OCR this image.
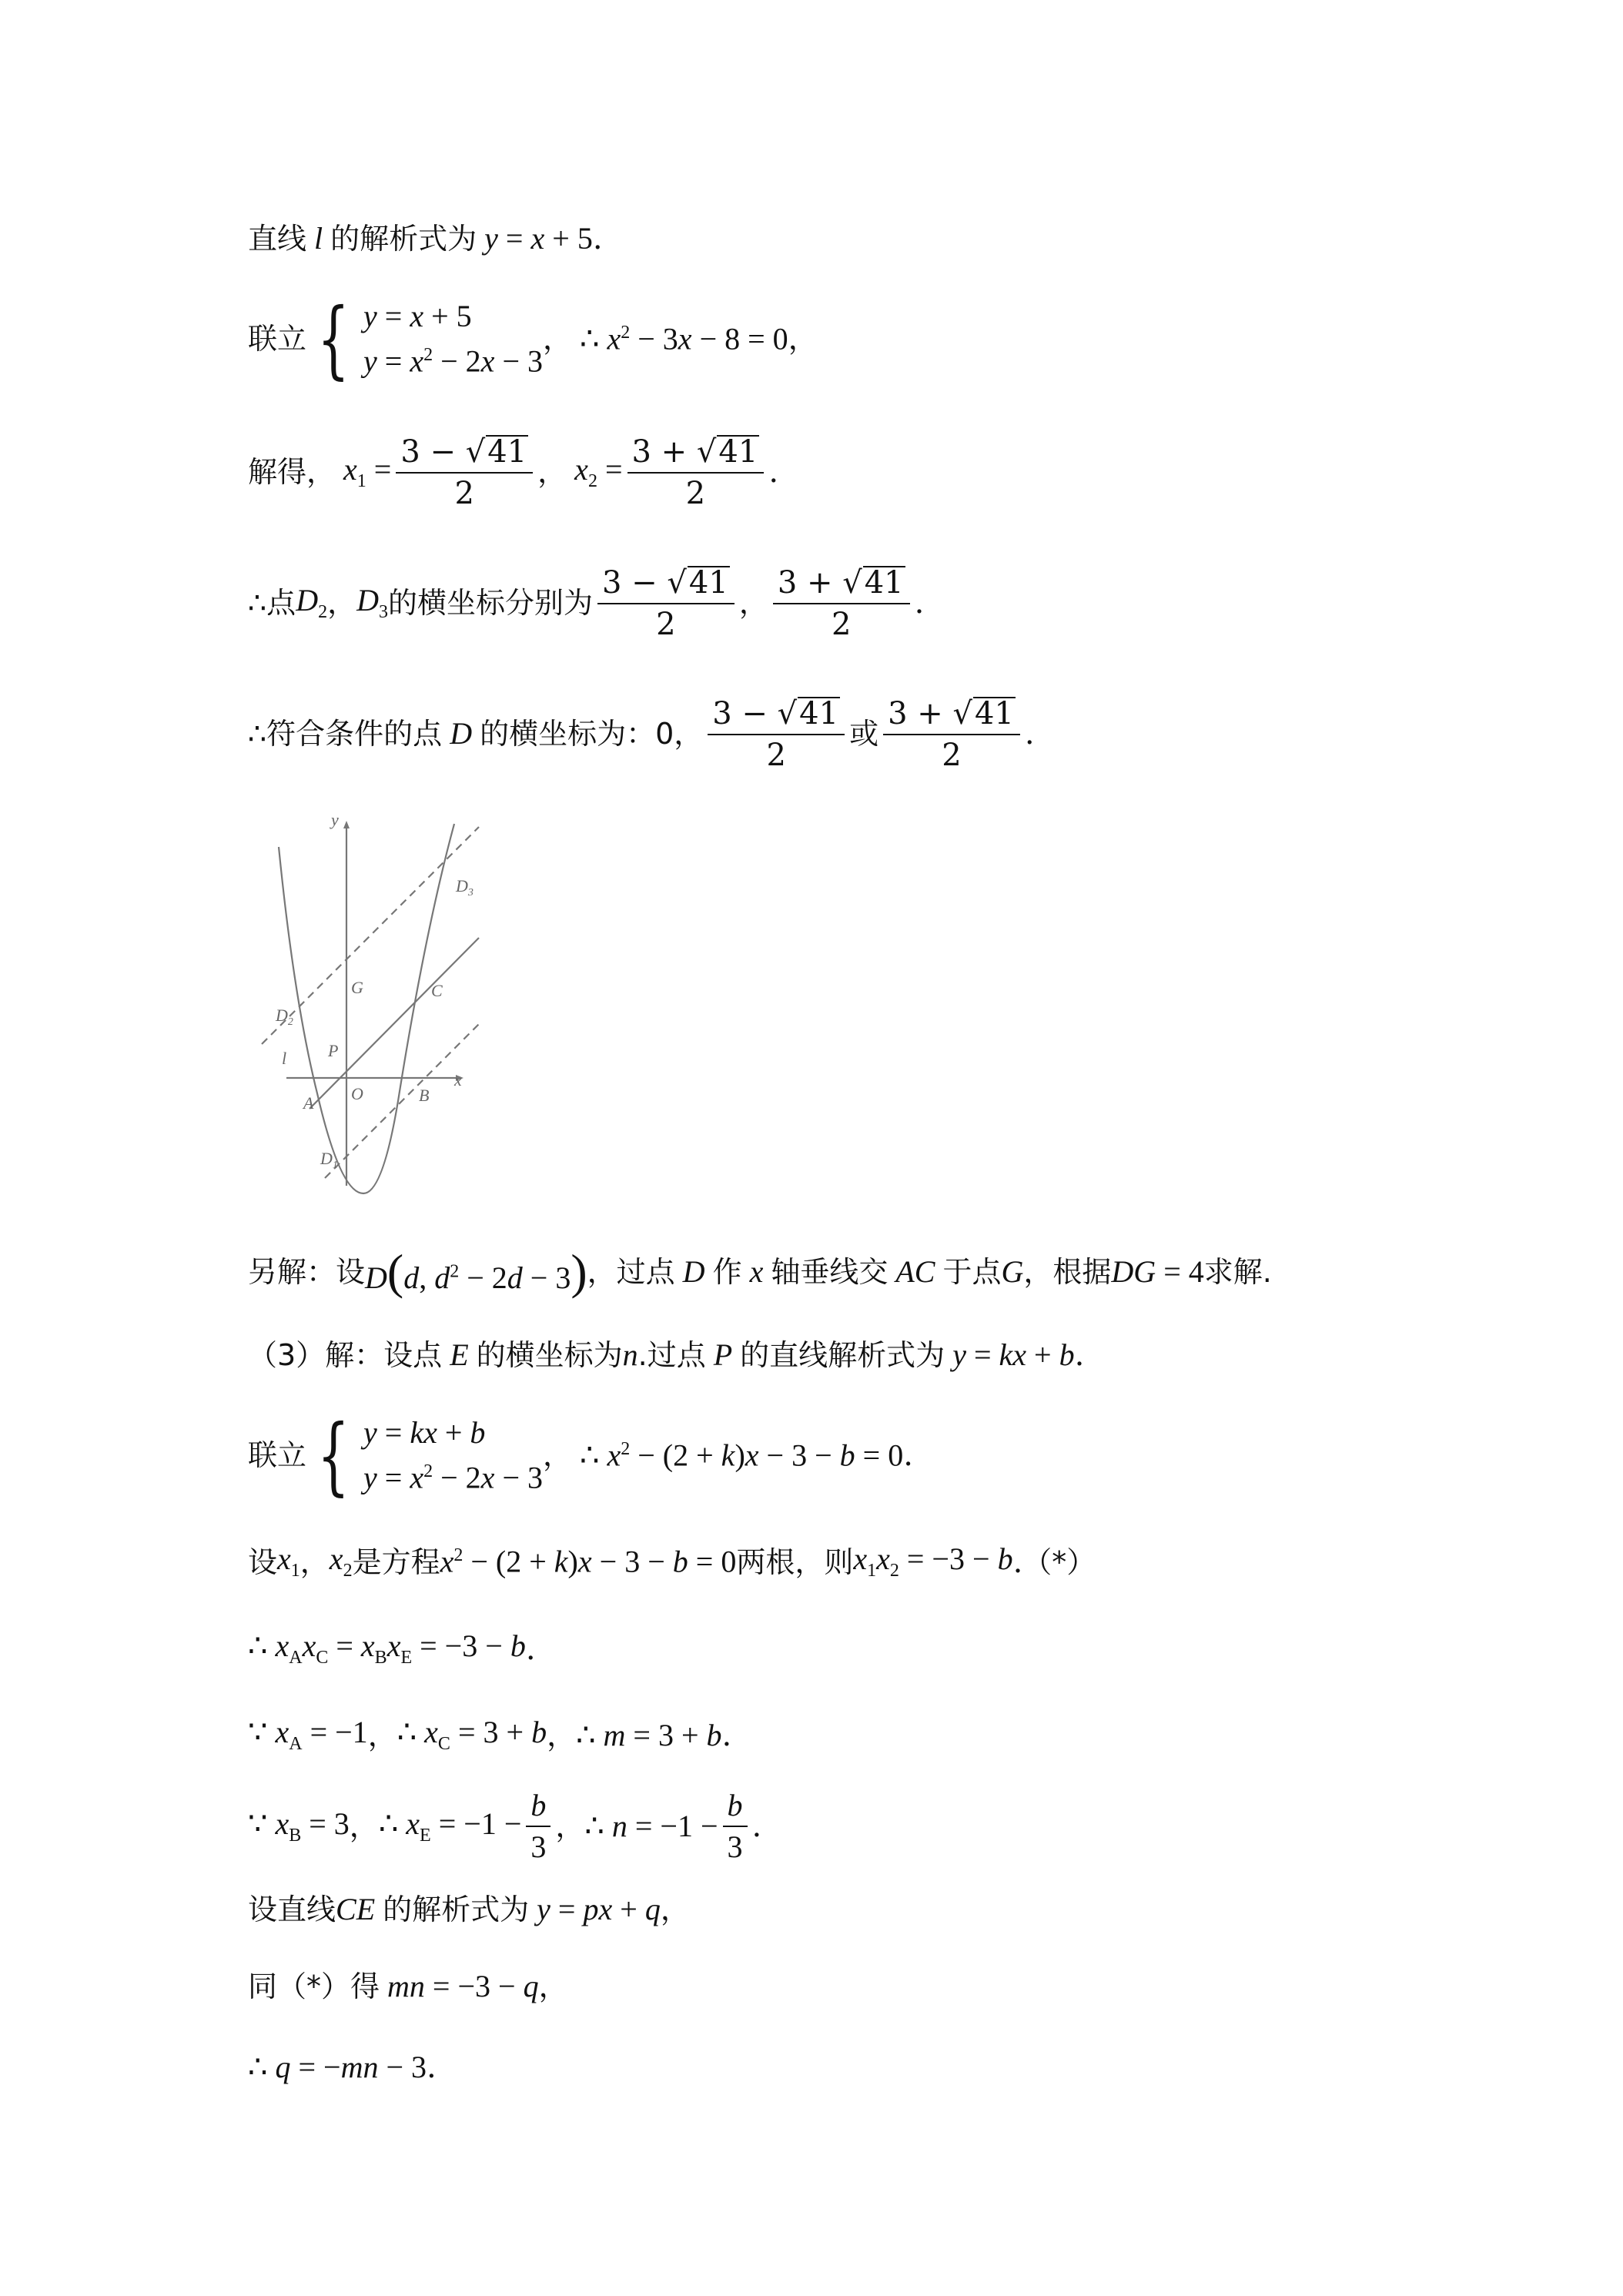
直线 l 的解析式为 y = x + 5 .
联立 { y = x + 5
$y = x^2 - 2x - 3$
， ∴ $x^2 - 3x - 8 = 0$ ，
解得， $x_1 = \frac{3 - √ 41}{2}$ ， $x_2 = \frac{3 + √ 41}{2}$ .
∴点 $D_2$ ， $D_3$ 的横坐标分别为 $\frac{3 - √ 41}{2}$ ， $\frac{3 + √ 41}{2}$ .
∴符合条件的点 D 的横坐标为：0， $\frac{3 - √ 41}{2}$ 或 $\frac{3 + √ 41}{2}$ .
y
x
O
A	B
C
G
P
l
$D_1$
$D_2$
$D_3$
另解：设 D(d, $d^2 - 2d - 3$) ，过点 D 作 x 轴垂线交 AC 于点 G ，根据 DG = 4 求解.
（3）解：设点 E 的横坐标为 n .过点 P 的直线解析式为 y = kx + b .
联立 { y = kx + b
$y = x^2 - 2x - 3$
， ∴ $x^2 - (2 + k)x - 3 - b = 0$ .
设 $x_1$ ， $x_2$ 是方程 $x^2 - (2 + k)x - 3 - b = 0$ 两根，则 $x_1x_2 = -3 - b$ . （*）
∴ $x_Ax_C = x_Bx_E = -3 - b$ .
∵ $x_A = -1$ ， ∴ $x_C = 3 + b$ ， ∴ m = 3 + b .
∵ $x_B = 3$ ， ∴ $x_E = -1 - \frac{b}{3}$ ， ∴ $n = -1 - \frac{b}{3}$ .
设直线 CE 的解析式为 y = px + q ，
同（*）得 mn = −3 − q ，
∴ q = −mn − 3 .
